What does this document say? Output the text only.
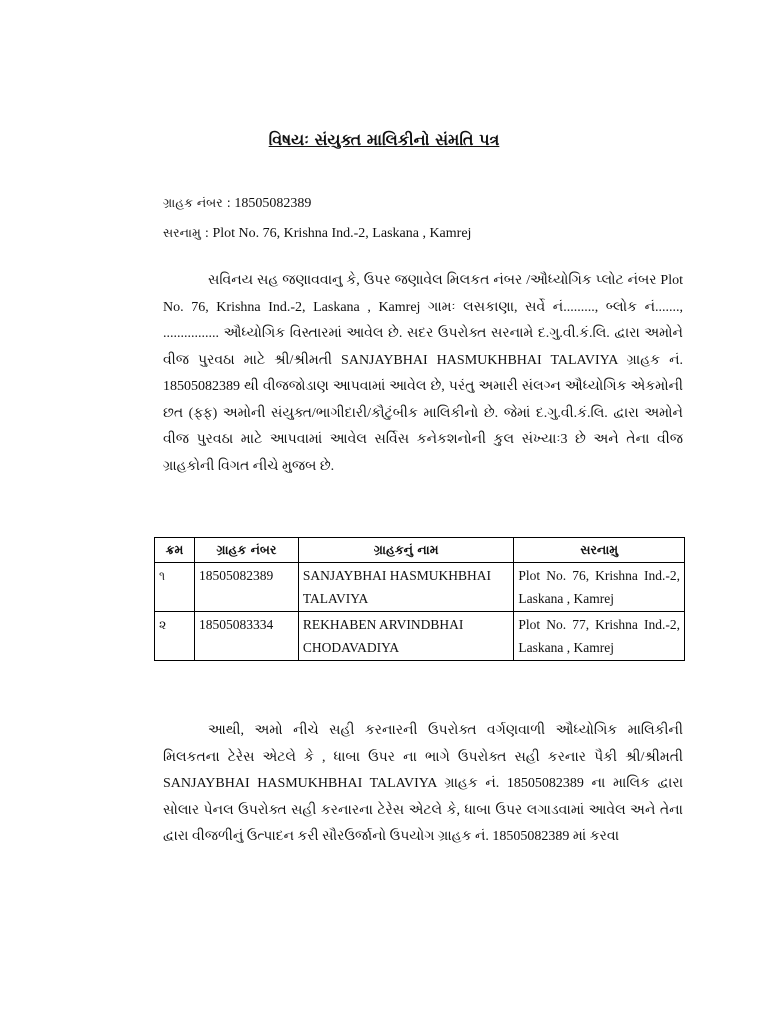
વિષયઃ સંયુક્ત માલિકીનો સંમતિ પત્ર
ગ્રાહક નંબર : 18505082389
સરનામુ : Plot No. 76, Krishna Ind.-2, Laskana , Kamrej

સવિનય સહ જણાવવાનુ કે, ઉપર જણાવેલ મિલકત નંબર /ઔધ્યોગિક પ્લોટ નંબર Plot No. 76, Krishna Ind.-2, Laskana , Kamrej ગામઃ લસકાણા, સર્વે નં........., બ્લોક નં......., ................ ઔધ્યોગિક વિસ્તારમાં આવેલ છે. સદર ઉપરોક્ત સરનામે દ.ગુ.વી.કં.લિ. દ્વારા અમોને વીજ પુરવઠા માટે શ્રી/શ્રીમતી SANJAYBHAI HASMUKHBHAI TALAVIYA ગ્રાહક નં. 18505082389 થી વીજજોડાણ આપવામાં આવેલ છે, પરંતુ અમારી સંલગ્ન ઔધ્યોગિક એકમોની છત (ફ્ફ) અમોની સંયુક્ત/ભાગીદારી/કૌટુંબીક માલિકીનો છે. જેમાં દ.ગુ.વી.કં.લિ. દ્વારા અમોને વીજ પુરવઠા માટે આપવામાં આવેલ સર્વિસ કનેકશનોની કુલ સંખ્યાઃ3 છે અને તેના વીજ ગ્રાહકોની વિગત નીચે મુજબ છે.

ક્રમ	ગ્રાહક નંબર	ગ્રાહકનું નામ	સરનામુ
૧	18505082389	SANJAYBHAI HASMUKHBHAI TALAVIYA	Plot No. 76, Krishna Ind.-2, Laskana , Kamrej
૨	18505083334	REKHABEN ARVINDBHAI CHODAVADIYA	Plot No. 77, Krishna Ind.-2, Laskana , Kamrej

આથી, અમો નીચે સહી કરનારની ઉપરોક્ત વર્ગણવાળી ઔધ્યોગિક માલિકીની મિલકતના ટેરેસ એટલે કે , ધાબા ઉપર ના ભાગે ઉપરોક્ત સહી કરનાર પૈકી શ્રી/શ્રીમતી SANJAYBHAI HASMUKHBHAI TALAVIYA ગ્રાહક નં. 18505082389 ના માલિક દ્વારા સોલાર પેનલ ઉપરોક્ત સહી કરનારના ટેરેસ એટલે કે, ધાબા ઉપર લગાડવામાં આવેલ અને તેના દ્વારા વીજળીનું ઉત્પાદન કરી સૌરઉર્જાનો ઉપયોગ ગ્રાહક નં. 18505082389 માં કરવા
